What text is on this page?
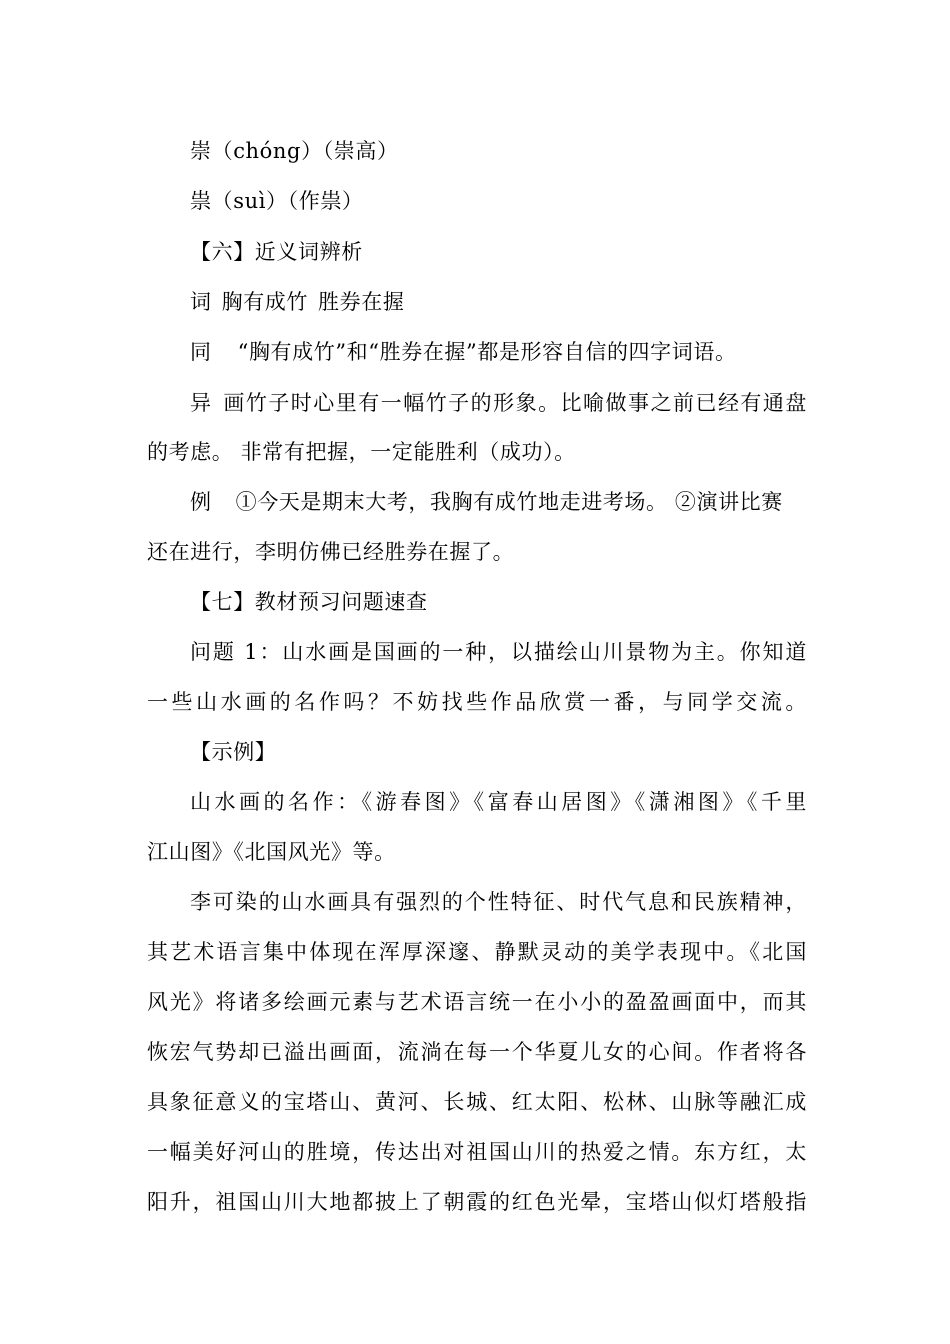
崇（chóng）（崇高）
祟（suì）（作祟）
【六】近义词辨析
词 胸有成竹 胜券在握
同 “胸有成竹”和“胜券在握”都是形容自信的四字词语。
异 画竹子时心里有一幅竹子的形象。比喻做事之前已经有通盘
的考虑。 非常有把握，一定能胜利（成功）。
例 ①今天是期末大考，我胸有成竹地走进考场。 ②演讲比赛
还在进行，李明仿佛已经胜券在握了。
【七】教材预习问题速查
问题 1：山水画是国画的一种，以描绘山川景物为主。你知道
一些山水画的名作吗？不妨找些作品欣赏一番，与同学交流。
【示例】
山水画的名作：《游春图》《富春山居图》《潇湘图》《千里
江山图》《北国风光》等。
李可染的山水画具有强烈的个性特征、时代气息和民族精神，
其艺术语言集中体现在浑厚深邃、静默灵动的美学表现中。《北国
风光》将诸多绘画元素与艺术语言统一在小小的盈盈画面中，而其
恢宏气势却已溢出画面，流淌在每一个华夏儿女的心间。作者将各
具象征意义的宝塔山、黄河、长城、红太阳、松林、山脉等融汇成
一幅美好河山的胜境，传达出对祖国山川的热爱之情。东方红，太
阳升，祖国山川大地都披上了朝霞的红色光晕，宝塔山似灯塔般指
